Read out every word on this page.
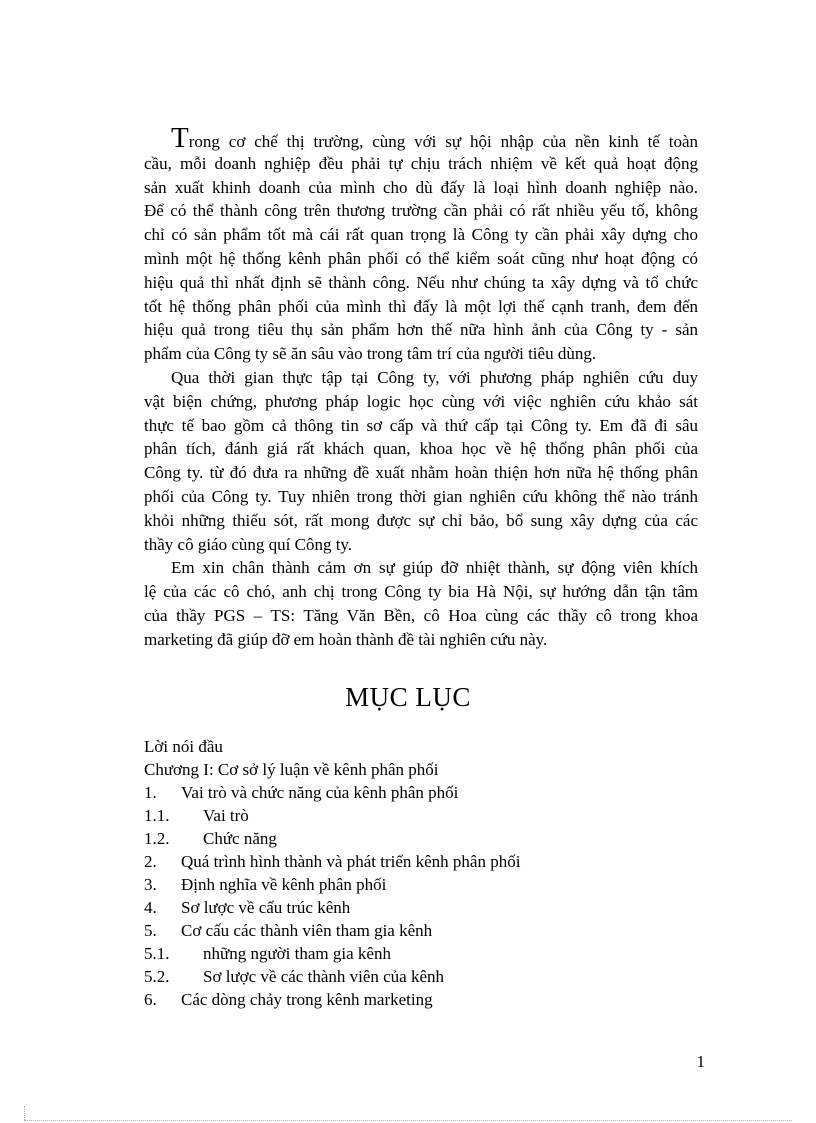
Trong cơ chế thị trường, cùng với sự hội nhập của nền kinh tế toàn
cầu, mỗi doanh nghiệp đều phải tự chịu trách nhiệm về kết quả hoạt động
sản xuất khinh doanh của mình cho dù đấy là loại hình doanh nghiệp nào.
Để có thể thành công trên thương trường cần phải có rất nhiều yếu tố, không
chỉ có sản phẩm tốt mà cái rất quan trọng là Công ty cần phải xây dựng cho
mình một hệ thống kênh phân phối có thể kiểm soát cũng như hoạt động có
hiệu quả thì nhất định sẽ thành công. Nếu như chúng ta xây dựng và tổ chức
tốt hệ thống phân phối của mình thì đấy là một lợi thế cạnh tranh, đem đến
hiệu quả trong tiêu thụ sản phẩm hơn thế nữa hình ảnh của Công ty - sản
phẩm của Công ty sẽ ăn sâu vào trong tâm trí của người tiêu dùng.
Qua thời gian thực tập tại Công ty, với phương pháp nghiên cứu duy
vật biện chứng, phương pháp logic học cùng với việc nghiên cứu khảo sát
thực tế bao gồm cả thông tin sơ cấp và thứ cấp tại Công ty. Em đã đi sâu
phân tích, đánh giá rất khách quan, khoa học về hệ thống phân phối của
Công ty. từ đó đưa ra những đề xuất nhằm hoàn thiện hơn nữa hệ thống phân
phối của Công ty. Tuy nhiên trong thời gian nghiên cứu không thể nào tránh
khỏi những thiếu sót, rất mong được sự chỉ bảo, bổ sung xây dựng của các
thầy cô giáo cùng quí Công ty.
Em xin chân thành cảm ơn sự giúp đỡ nhiệt thành, sự động viên khích
lệ của các cô chó, anh chị trong Công ty bia Hà Nội, sự hướng dẫn tận tâm
của thầy PGS – TS: Tăng Văn Bền, cô Hoa cùng các thầy cô trong khoa
marketing đã giúp đỡ em hoàn thành đề tài nghiên cứu này.
MỤC LỤC
Lời nói đầu
Chương I: Cơ sở lý luận về kênh phân phối
1.	Vai trò và chức năng của kênh phân phối
1.1.	Vai trò
1.2.	Chức năng
2.	Quá trình hình thành và phát triển kênh phân phối
3.	Định nghĩa về kênh phân phối
4.	Sơ lược về cấu trúc kênh
5.	Cơ cấu các thành viên tham gia kênh
5.1.	những người tham gia kênh
5.2.	Sơ lược về các thành viên của kênh
6.	Các dòng chảy trong kênh marketing
1
